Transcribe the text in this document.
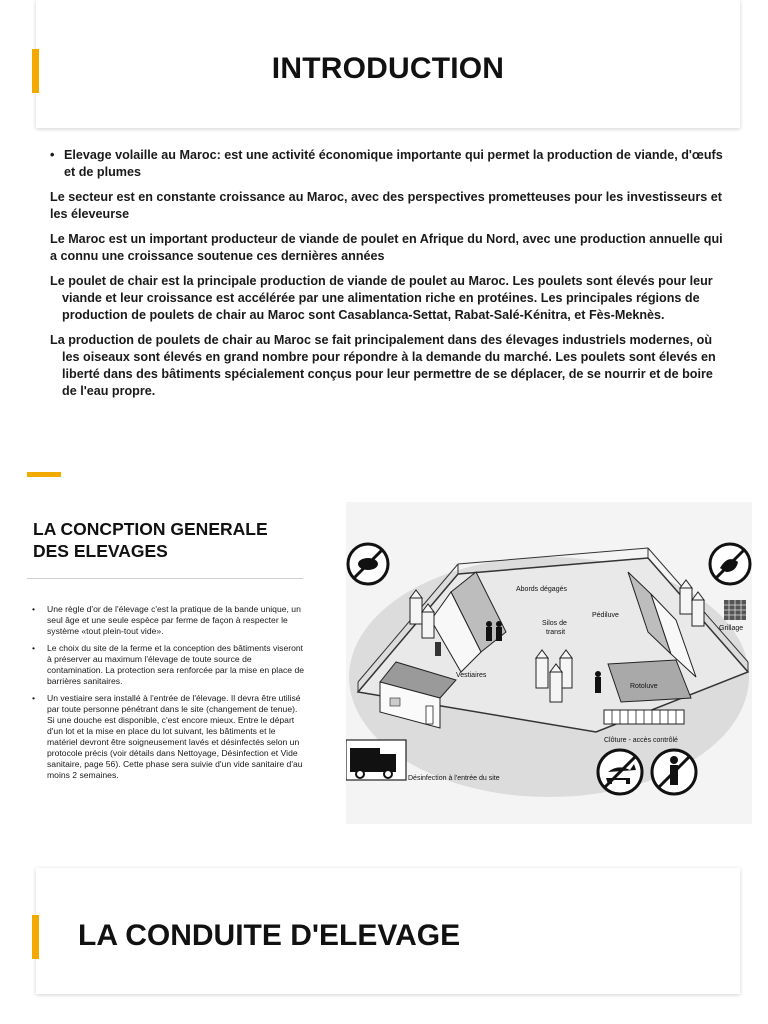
INTRODUCTION

• Elevage volaille au Maroc: est une activité économique importante qui permet la production de viande, d'œufs et de plumes

Le secteur est en constante croissance au Maroc, avec des perspectives prometteuses pour les investisseurs et les éleveurse

Le Maroc est un important producteur de viande de poulet en Afrique du Nord, avec une production annuelle qui a connu une croissance soutenue ces dernières années

Le poulet de chair est la principale production de viande de poulet au Maroc. Les poulets sont élevés pour leur viande et leur croissance est accélérée par une alimentation riche en protéines. Les principales régions de production de poulets de chair au Maroc sont Casablanca-Settat, Rabat-Salé-Kénitra, et Fès-Meknès.

La production de poulets de chair au Maroc se fait principalement dans des élevages industriels modernes, où les oiseaux sont élevés en grand nombre pour répondre à la demande du marché. Les poulets sont élevés en liberté dans des bâtiments spécialement conçus pour leur permettre de se déplacer, de se nourrir et de boire de l'eau propre.

LA CONCPTION GENERALE DES ELEVAGES
• Une règle d'or de l'élevage c'est la pratique de la bande unique, un seul âge et une seule espèce par ferme de façon à respecter le système «tout plein-tout vide».
• Le choix du site de la ferme et la conception des bâtiments viseront à préserver au maximum l'élevage de toute source de contamination. La protection sera renforcée par la mise en place de barrières sanitaires.
• Un vestiaire sera installé à l'entrée de l'élevage. Il devra être utilisé par toute personne pénétrant dans le site (changement de tenue). Si une douche est disponible, c'est encore mieux. Entre le départ d'un lot et la mise en place du lot suivant, les bâtiments et le matériel devront être soigneusement lavés et désinfectés selon un protocole précis (voir détails dans Nettoyage, Désinfection et Vide sanitaire, page 56). Cette phase sera suivie d'un vide sanitaire d'au moins 2 semaines.
Abords dégagés
Pédiluve
Grillage
Silos de
transit
Vestiaires
Rotoluve
Clôture - accès contrôlé
Désinfection à l'entrée du site
LA CONDUITE D'ELEVAGE
